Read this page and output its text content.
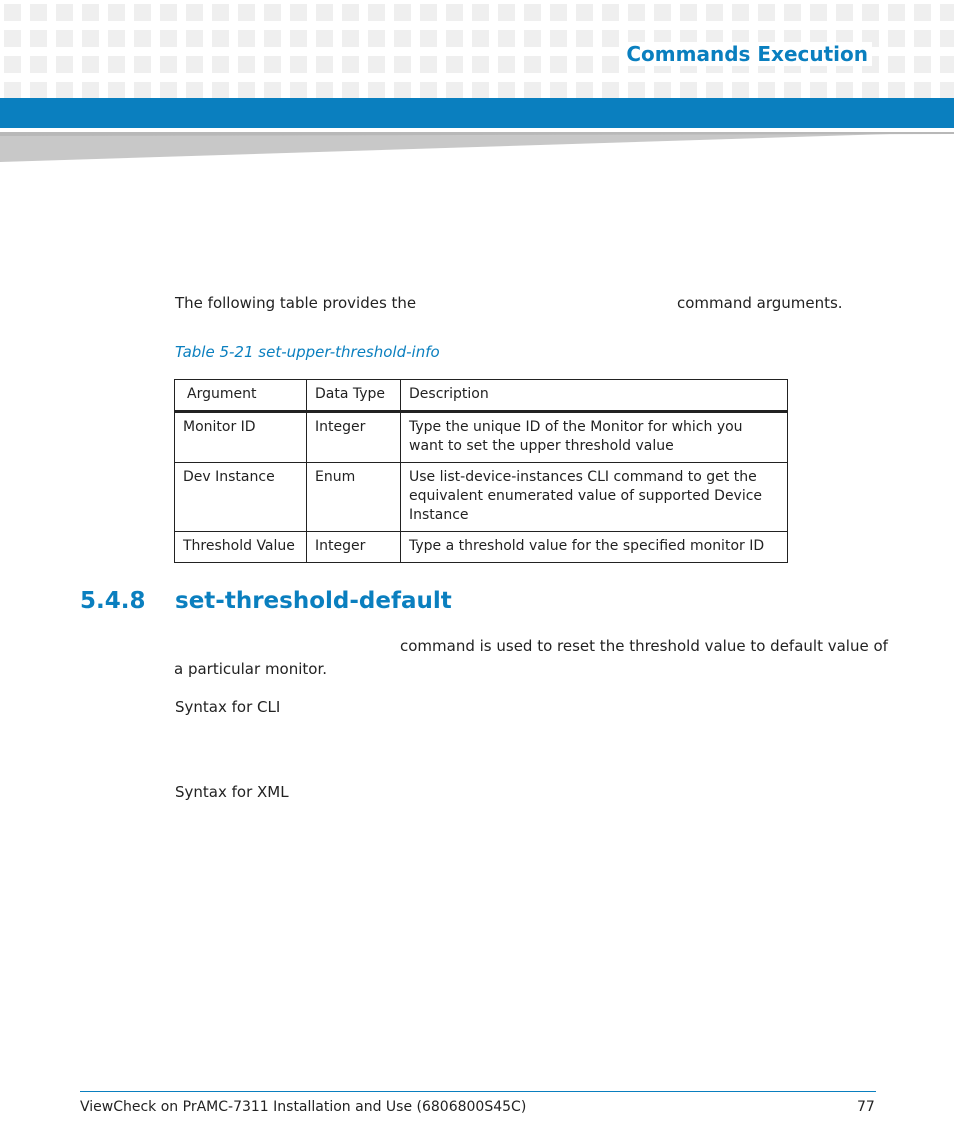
Commands Execution
The following table provides the	command arguments.
Table 5-21 set-upper-threshold-info
Argument	Data Type	Description
Monitor ID	Integer	Type the unique ID of the Monitor for which you want to set the upper threshold value
Dev Instance	Enum	Use list-device-instances CLI command to get the equivalent enumerated value of supported Device Instance
Threshold Value	Integer	Type a threshold value for the specified monitor ID
5.4.8 set-threshold-default
command is used to reset the threshold value to default value of
a particular monitor.
Syntax for CLI
Syntax for XML
ViewCheck on PrAMC-7311 Installation and Use (6806800S45C)	77
